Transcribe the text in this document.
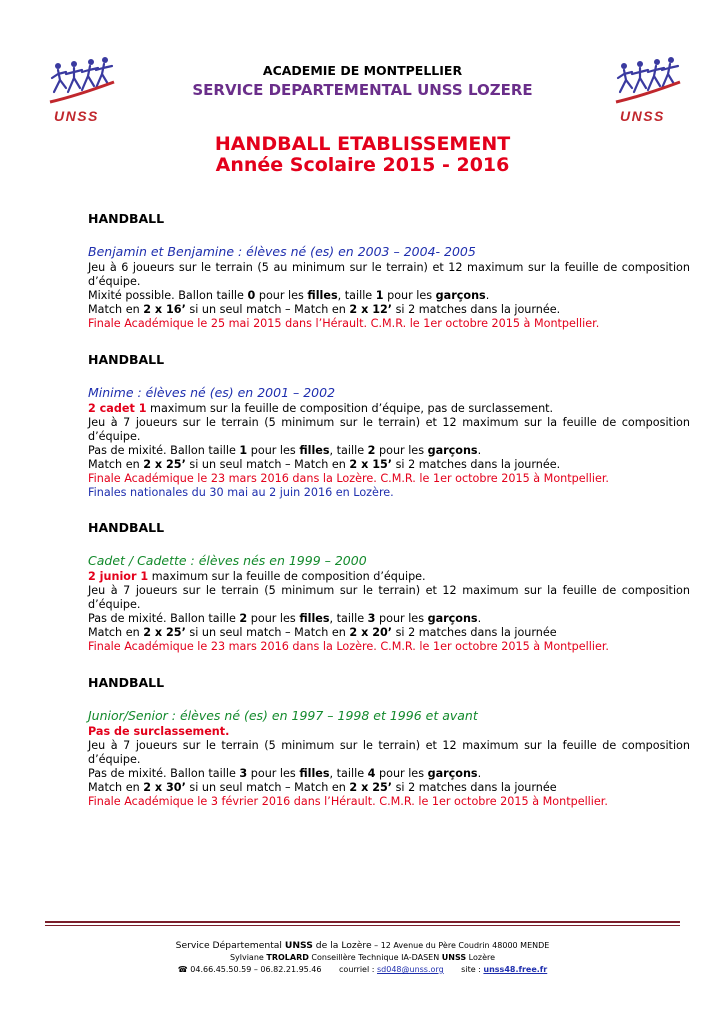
UNSS	UNSS
ACADEMIE DE MONTPELLIER
SERVICE DEPARTEMENTAL UNSS LOZERE
HANDBALL ETABLISSEMENT
Année Scolaire 2015 - 2016
HANDBALL
Benjamin et Benjamine : élèves né (es) en 2003 – 2004- 2005
Jeu à 6 joueurs sur le terrain (5 au minimum sur le terrain) et 12 maximum sur la feuille de composition d’équipe.
Mixité possible. Ballon taille 0 pour les filles, taille 1 pour les garçons.
Match en 2 x 16’ si un seul match – Match en 2 x 12’ si 2 matches dans la journée.
Finale Académique le 25 mai 2015 dans l’Hérault. C.M.R. le 1er octobre 2015 à Montpellier.
HANDBALL
Minime : élèves né (es) en 2001 – 2002
2 cadet 1 maximum sur la feuille de composition d’équipe, pas de surclassement.
Jeu à 7 joueurs sur le terrain (5 minimum sur le terrain) et 12 maximum sur la feuille de composition d’équipe.
Pas de mixité. Ballon taille 1 pour les filles, taille 2 pour les garçons.
Match en 2 x 25’ si un seul match – Match en 2 x 15’ si 2 matches dans la journée.
Finale Académique le 23 mars 2016 dans la Lozère. C.M.R. le 1er octobre 2015 à Montpellier.
Finales nationales du 30 mai au 2 juin 2016 en Lozère.
HANDBALL
Cadet / Cadette : élèves nés en 1999 – 2000
2 junior 1 maximum sur la feuille de composition d’équipe.
Jeu à 7 joueurs sur le terrain (5 minimum sur le terrain) et 12 maximum sur la feuille de composition d’équipe.
Pas de mixité. Ballon taille 2 pour les filles, taille 3 pour les garçons.
Match en 2 x 25’ si un seul match – Match en 2 x 20’ si 2 matches dans la journée
Finale Académique le 23 mars 2016 dans la Lozère. C.M.R. le 1er octobre 2015 à Montpellier.
HANDBALL
Junior/Senior : élèves né (es) en 1997 – 1998 et 1996 et avant
Pas de surclassement.
Jeu à 7 joueurs sur le terrain (5 minimum sur le terrain) et 12 maximum sur la feuille de composition d’équipe.
Pas de mixité. Ballon taille 3 pour les filles, taille 4 pour les garçons.
Match en 2 x 30’ si un seul match – Match en 2 x 25’ si 2 matches dans la journée
Finale Académique le 3 février 2016 dans l’Hérault. C.M.R. le 1er octobre 2015 à Montpellier.
Service Départemental UNSS de la Lozère – 12 Avenue du Père Coudrin 48000 MENDE
Sylviane TROLARD Conseillère Technique IA-DASEN UNSS Lozère
☎ 04.66.45.50.59 – 06.82.21.95.46 courriel : sd048@unss.org site : unss48.free.fr
